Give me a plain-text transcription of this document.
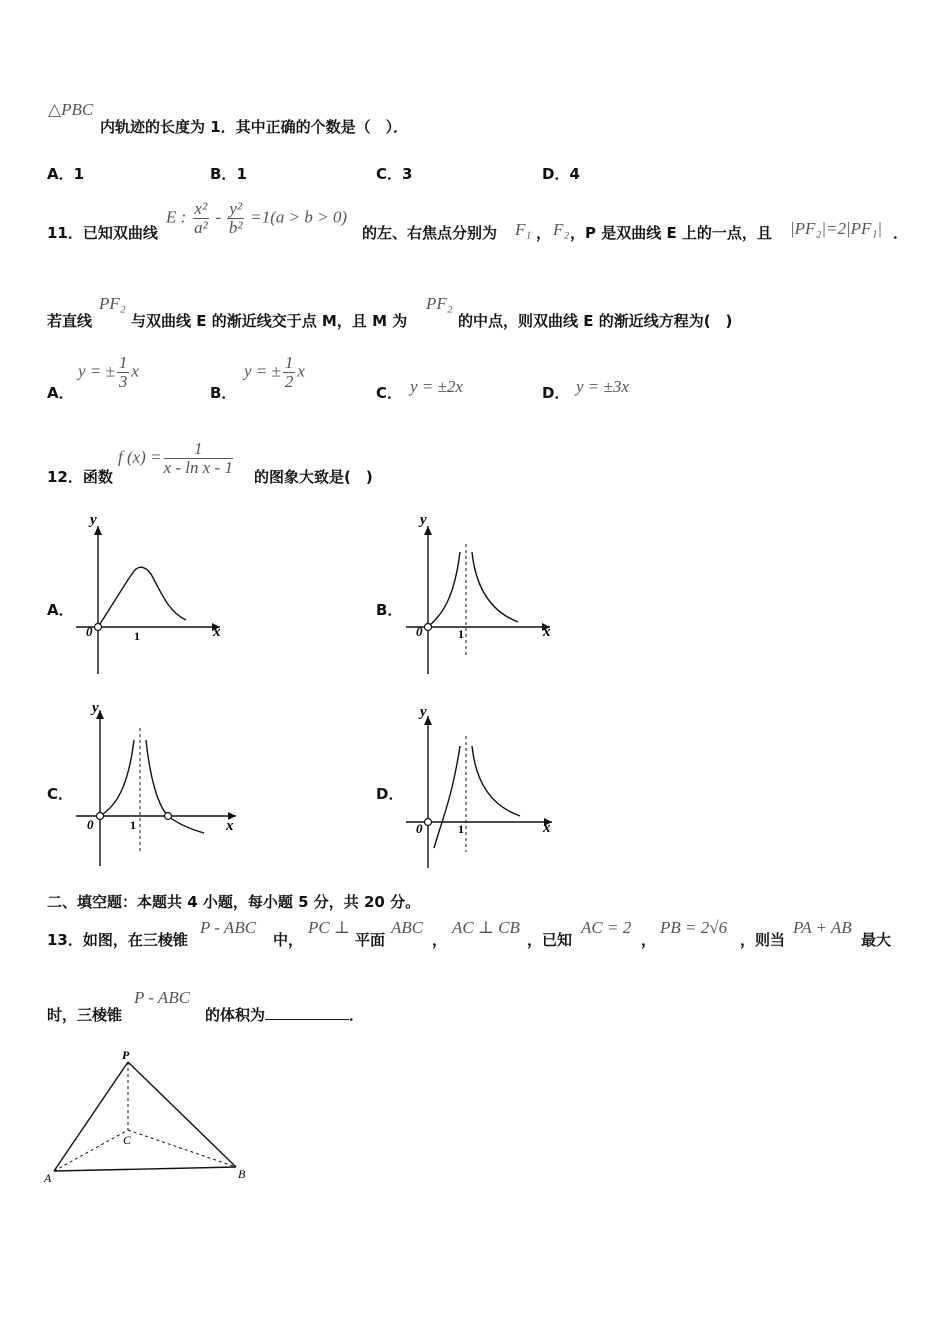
△PBC
内轨迹的长度为 1．其中正确的个数是（　）．
A．1	B．1	C．3	D．4
11．已知双曲线
E : $\frac{\text{x²}}{\text{a²}} - \frac{\text{y²}}{\text{b²}} =1(a > b > 0)$
的左、右焦点分别为 F₁ ， F₂ ，P 是双曲线 E 上的一点，且 |PF₂|=2|PF₁| ．
若直线
PF₂
与双曲线 E 的渐近线交于点 M，且 M 为
PF₂
的中点，则双曲线 E 的渐近线方程为(　)
A．
y = ± $\frac{1}{3}$ x
B．
y = ± $\frac{1}{2}$ x
C． y = ±2x	D． y = ±3x
12．函数
f $(x) = \frac{1}{\text{x - ln x - 1}}$ 的图象大致是(　)
A．
y
x
0	1
B．
y
x
0	1
C．
y
x
0	1
D．
y
x
0	1
二、填空题：本题共 4 小题，每小题 5 分，共 20 分。
13．如图，在三棱锥
P - ABC
中，
PC ⊥
平面
ABC
，
AC ⊥ CB
，已知
AC = 2
，
PB = 2√6
，则当
PA + AB
最大
时，三棱锥
P - ABC
的体积为	．
P
C
A	B
